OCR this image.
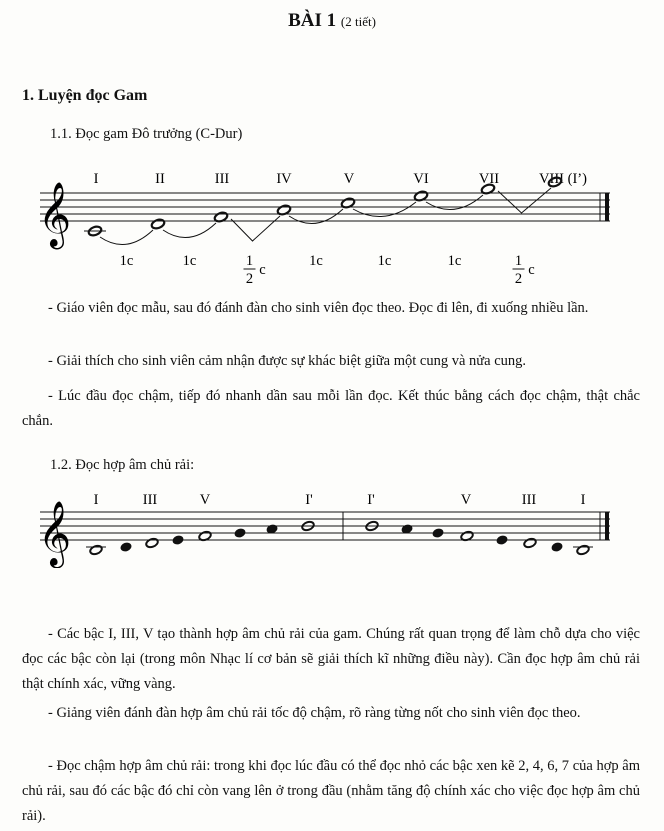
BÀI 1 (2 tiết)
1. Luyện đọc Gam
1.1. Đọc gam Đô trưởng (C-Dur)
𝄞
I	II	III	IV	V	VI	VII	VIII (I’)
1c	1c	1
2
c
1c	1c	1c	1
2
c
- Giáo viên đọc mẫu, sau đó đánh đàn cho sinh viên đọc theo. Đọc đi lên, đi xuống nhiều lần.
- Giải thích cho sinh viên cảm nhận được sự khác biệt giữa một cung và nửa cung.
- Lúc đầu đọc chậm, tiếp đó nhanh dần sau mỗi lần đọc. Kết thúc bằng cách đọc chậm, thật chắc chắn.
1.2. Đọc hợp âm chủ rải:
𝄞
I	III	V	I'	I'	V	III	I
- Các bậc I, III, V tạo thành hợp âm chủ rải của gam. Chúng rất quan trọng để làm chỗ dựa cho việc đọc các bậc còn lại (trong môn Nhạc lí cơ bản sẽ giải thích kĩ những điều này). Cần đọc hợp âm chủ rải thật chính xác, vững vàng.
- Giảng viên đánh đàn hợp âm chủ rải tốc độ chậm, rõ ràng từng nốt cho sinh viên đọc theo.
- Đọc chậm hợp âm chủ rải: trong khi đọc lúc đầu có thể đọc nhỏ các bậc xen kẽ 2, 4, 6, 7 của hợp âm chủ rải, sau đó các bậc đó chỉ còn vang lên ở trong đầu (nhằm tăng độ chính xác cho việc đọc hợp âm chủ rải).
